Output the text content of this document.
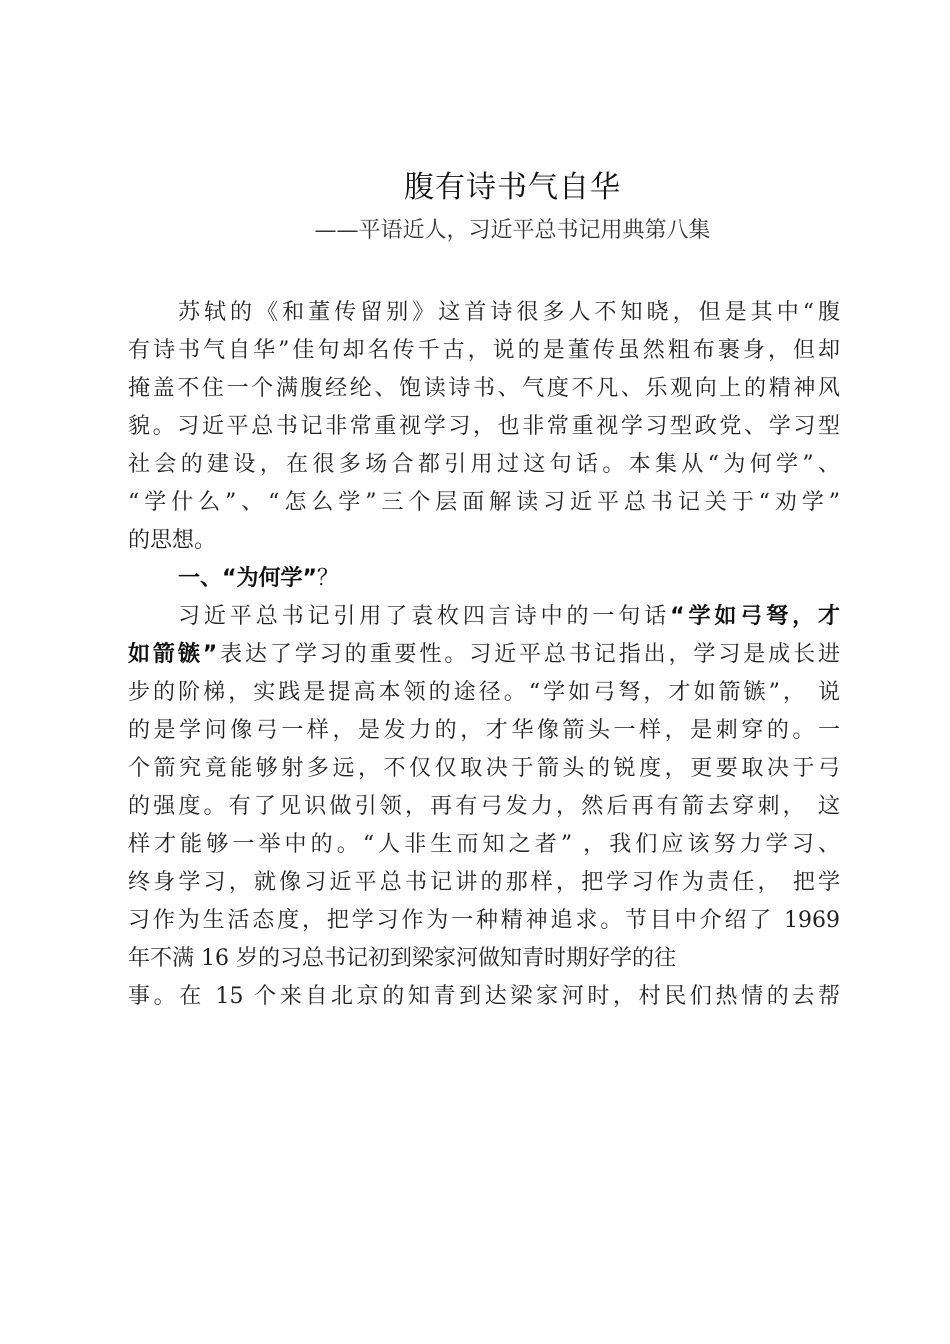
腹有诗书气自华
——平语近人，习近平总书记用典第八集
苏轼的《和董传留别》这首诗很多人不知晓，但是其中“腹
有诗书气自华”佳句却名传千古，说的是董传虽然粗布裹身，但却
掩盖不住一个满腹经纶、饱读诗书、气度不凡、乐观向上的精神风
貌。习近平总书记非常重视学习，也非常重视学习型政党、学习型
社会的建设，在很多场合都引用过这句话。本集从“为何学”、
“学什么”、“怎么学”三个层面解读习近平总书记关于“劝学”
的思想。
一、“为何学”？
习近平总书记引用了袁枚四言诗中的一句话“学如弓弩，才
如箭镞”表达了学习的重要性。习近平总书记指出，学习是成长进
步的阶梯，实践是提高本领的途径。“学如弓弩，才如箭镞”， 说
的是学问像弓一样，是发力的，才华像箭头一样，是刺穿的。一
个箭究竟能够射多远，不仅仅取决于箭头的锐度，更要取决于弓
的强度。有了见识做引领，再有弓发力，然后再有箭去穿刺， 这
样才能够一举中的。“人非生而知之者” ，我们应该努力学习、
终身学习，就像习近平总书记讲的那样，把学习作为责任， 把学
习作为生活态度，把学习作为一种精神追求。节目中介绍了 1969
年不满 16 岁的习总书记初到梁家河做知青时期好学的往
事。在 15 个来自北京的知青到达梁家河时，村民们热情的去帮
